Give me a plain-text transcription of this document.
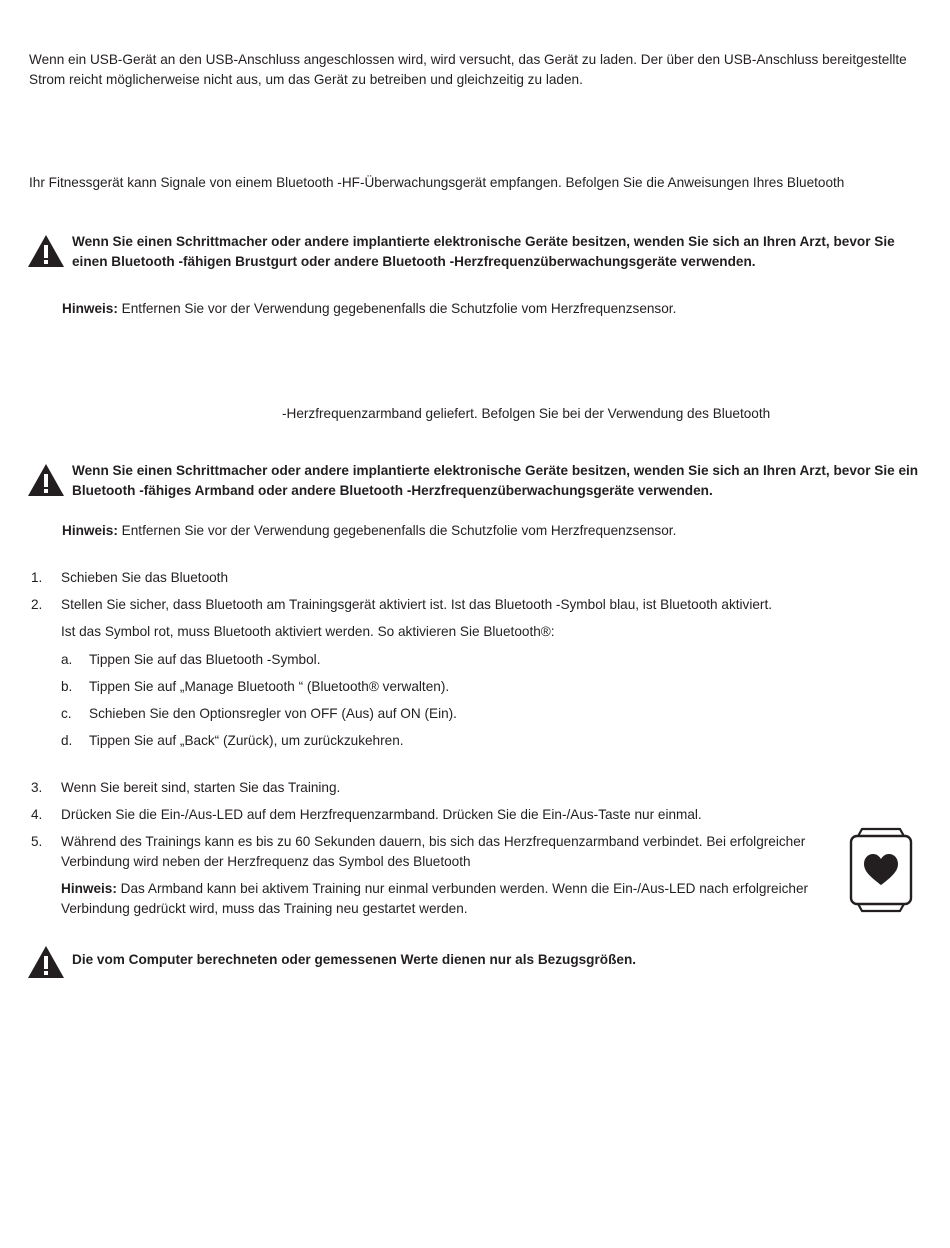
Wenn ein USB-Gerät an den USB-Anschluss angeschlossen wird, wird versucht, das Gerät zu laden. Der über den USB-Anschluss bereitgestellte
Strom reicht möglicherweise nicht aus, um das Gerät zu betreiben und gleichzeitig zu laden.
Ihr Fitnessgerät kann Signale von einem Bluetooth -HF-Überwachungsgerät empfangen. Befolgen Sie die Anweisungen Ihres Bluetooth
Wenn Sie einen Schrittmacher oder andere implantierte elektronische Geräte besitzen, wenden Sie sich an Ihren Arzt, bevor Sie
einen Bluetooth -fähigen Brustgurt oder andere Bluetooth -Herzfrequenzüberwachungsgeräte verwenden.
Hinweis: Entfernen Sie vor der Verwendung gegebenenfalls die Schutzfolie vom Herzfrequenzsensor.
-Herzfrequenzarmband geliefert. Befolgen Sie bei der Verwendung des Bluetooth
Wenn Sie einen Schrittmacher oder andere implantierte elektronische Geräte besitzen, wenden Sie sich an Ihren Arzt, bevor Sie ein
Bluetooth -fähiges Armband oder andere Bluetooth -Herzfrequenzüberwachungsgeräte verwenden.
Hinweis: Entfernen Sie vor der Verwendung gegebenenfalls die Schutzfolie vom Herzfrequenzsensor.
1. Schieben Sie das Bluetooth
2. Stellen Sie sicher, dass Bluetooth am Trainingsgerät aktiviert ist. Ist das Bluetooth -Symbol blau, ist Bluetooth aktiviert.
Ist das Symbol rot, muss Bluetooth aktiviert werden. So aktivieren Sie Bluetooth®:
a. Tippen Sie auf das Bluetooth -Symbol.
b. Tippen Sie auf „Manage Bluetooth “ (Bluetooth® verwalten).
c. Schieben Sie den Optionsregler von OFF (Aus) auf ON (Ein).
d. Tippen Sie auf „Back“ (Zurück), um zurückzukehren.
3. Wenn Sie bereit sind, starten Sie das Training.
4. Drücken Sie die Ein-/Aus-LED auf dem Herzfrequenzarmband. Drücken Sie die Ein-/Aus-Taste nur einmal.
5. Während des Trainings kann es bis zu 60 Sekunden dauern, bis sich das Herzfrequenzarmband verbindet. Bei erfolgreicher
Verbindung wird neben der Herzfrequenz das Symbol des Bluetooth
Hinweis: Das Armband kann bei aktivem Training nur einmal verbunden werden. Wenn die Ein-/Aus-LED nach erfolgreicher
Verbindung gedrückt wird, muss das Training neu gestartet werden.
Die vom Computer berechneten oder gemessenen Werte dienen nur als Bezugsgrößen.
